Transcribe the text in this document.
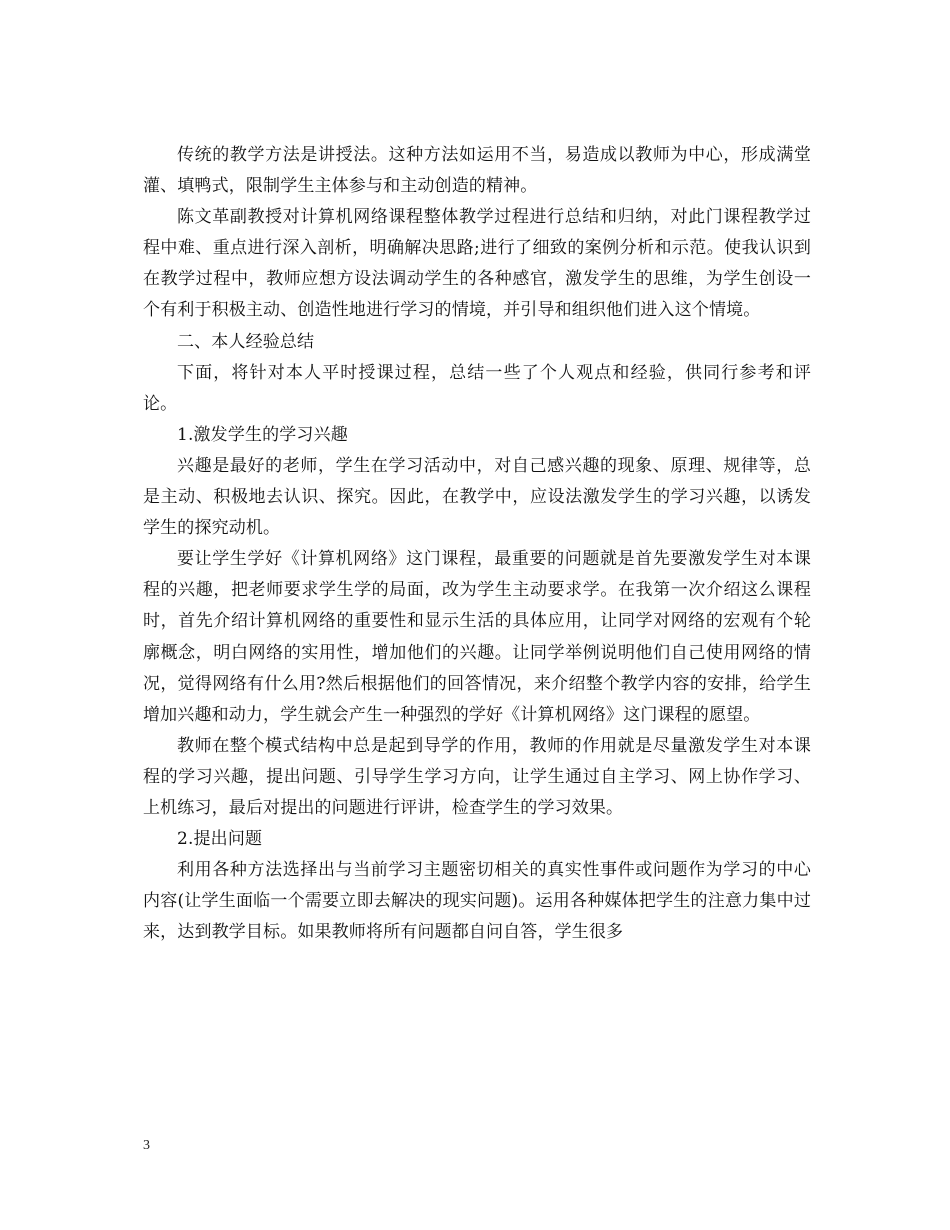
传统的教学方法是讲授法。这种方法如运用不当，易造成以教师为中心，形成满堂灌、填鸭式，限制学生主体参与和主动创造的精神。

陈文革副教授对计算机网络课程整体教学过程进行总结和归纳，对此门课程教学过程中难、重点进行深入剖析，明确解决思路;进行了细致的案例分析和示范。使我认识到在教学过程中，教师应想方设法调动学生的各种感官，激发学生的思维，为学生创设一个有利于积极主动、创造性地进行学习的情境，并引导和组织他们进入这个情境。

二、本人经验总结

下面，将针对本人平时授课过程，总结一些了个人观点和经验，供同行参考和评论。

1.激发学生的学习兴趣

兴趣是最好的老师，学生在学习活动中，对自己感兴趣的现象、原理、规律等，总是主动、积极地去认识、探究。因此，在教学中，应设法激发学生的学习兴趣，以诱发学生的探究动机。

要让学生学好《计算机网络》这门课程，最重要的问题就是首先要激发学生对本课程的兴趣，把老师要求学生学的局面，改为学生主动要求学。在我第一次介绍这么课程时，首先介绍计算机网络的重要性和显示生活的具体应用，让同学对网络的宏观有个轮廓概念，明白网络的实用性，增加他们的兴趣。让同学举例说明他们自己使用网络的情况，觉得网络有什么用?然后根据他们的回答情况，来介绍整个教学内容的安排，给学生增加兴趣和动力，学生就会产生一种强烈的学好《计算机网络》这门课程的愿望。

教师在整个模式结构中总是起到导学的作用，教师的作用就是尽量激发学生对本课程的学习兴趣，提出问题、引导学生学习方向，让学生通过自主学习、网上协作学习、上机练习，最后对提出的问题进行评讲，检查学生的学习效果。

2.提出问题

利用各种方法选择出与当前学习主题密切相关的真实性事件或问题作为学习的中心内容(让学生面临一个需要立即去解决的现实问题)。运用各种媒体把学生的注意力集中过来，达到教学目标。如果教师将所有问题都自问自答，学生很多

3
